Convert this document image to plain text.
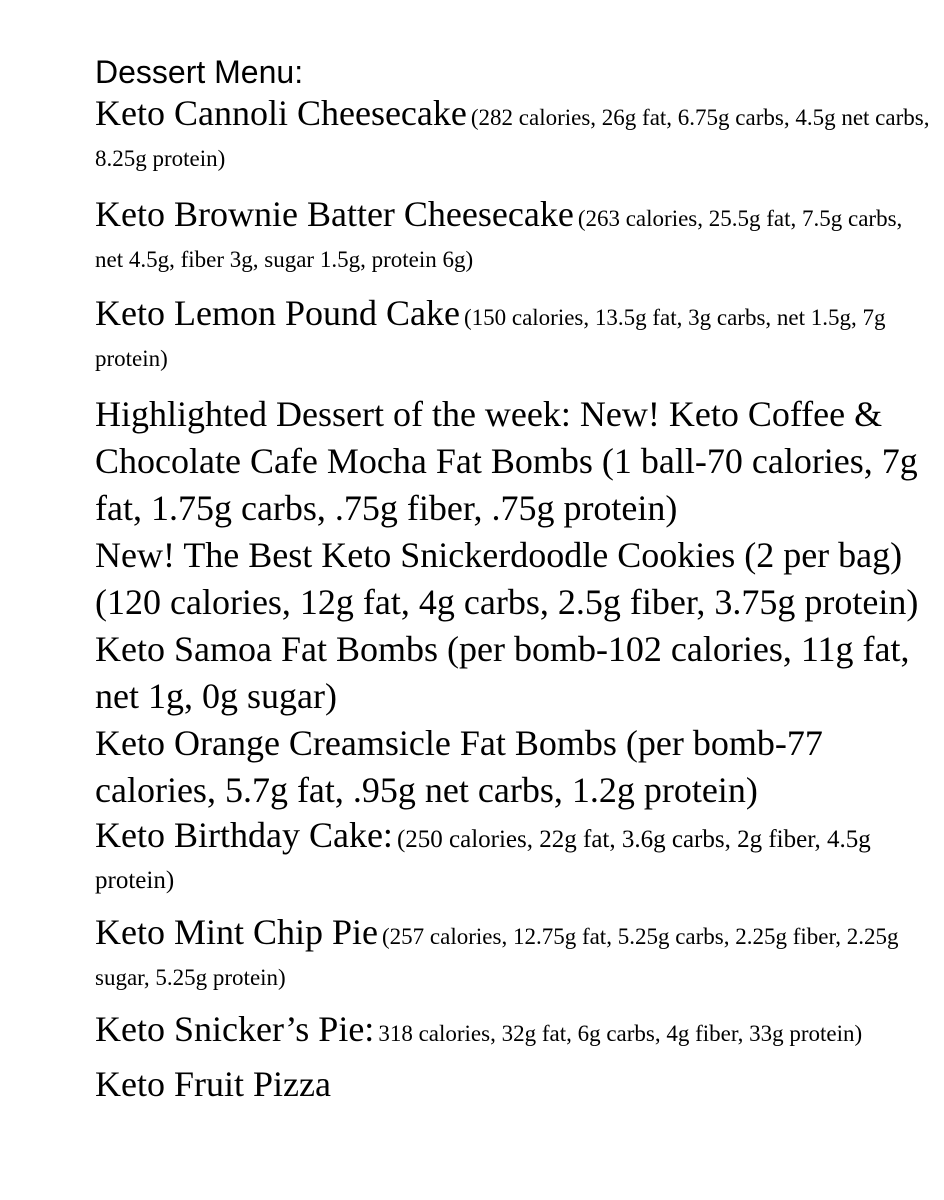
Dessert Menu:

Keto Cannoli Cheesecake (282 calories, 26g fat, 6.75g carbs, 4.5g net carbs, 8.25g protein)

Keto Brownie Batter Cheesecake (263 calories, 25.5g fat, 7.5g carbs, net 4.5g, fiber 3g, sugar 1.5g, protein 6g)

Keto Lemon Pound Cake (150 calories, 13.5g fat, 3g carbs, net 1.5g, 7g protein)

Highlighted Dessert of the week: New! Keto Coffee & Chocolate Cafe Mocha Fat Bombs (1 ball-70 calories, 7g fat, 1.75g carbs, .75g fiber, .75g protein)

New! The Best Keto Snickerdoodle Cookies (2 per bag) (120 calories, 12g fat, 4g carbs, 2.5g fiber, 3.75g protein)

Keto Samoa Fat Bombs (per bomb-102 calories, 11g fat, net 1g, 0g sugar)

Keto Orange Creamsicle Fat Bombs (per bomb-77 calories, 5.7g fat, .95g net carbs, 1.2g protein)

Keto Birthday Cake: (250 calories, 22g fat, 3.6g carbs, 2g fiber, 4.5g protein)

Keto Mint Chip Pie (257 calories, 12.75g fat, 5.25g carbs, 2.25g fiber, 2.25g sugar, 5.25g protein)

Keto Snicker’s Pie: 318 calories, 32g fat, 6g carbs, 4g fiber, 33g protein)

Keto Fruit Pizza
